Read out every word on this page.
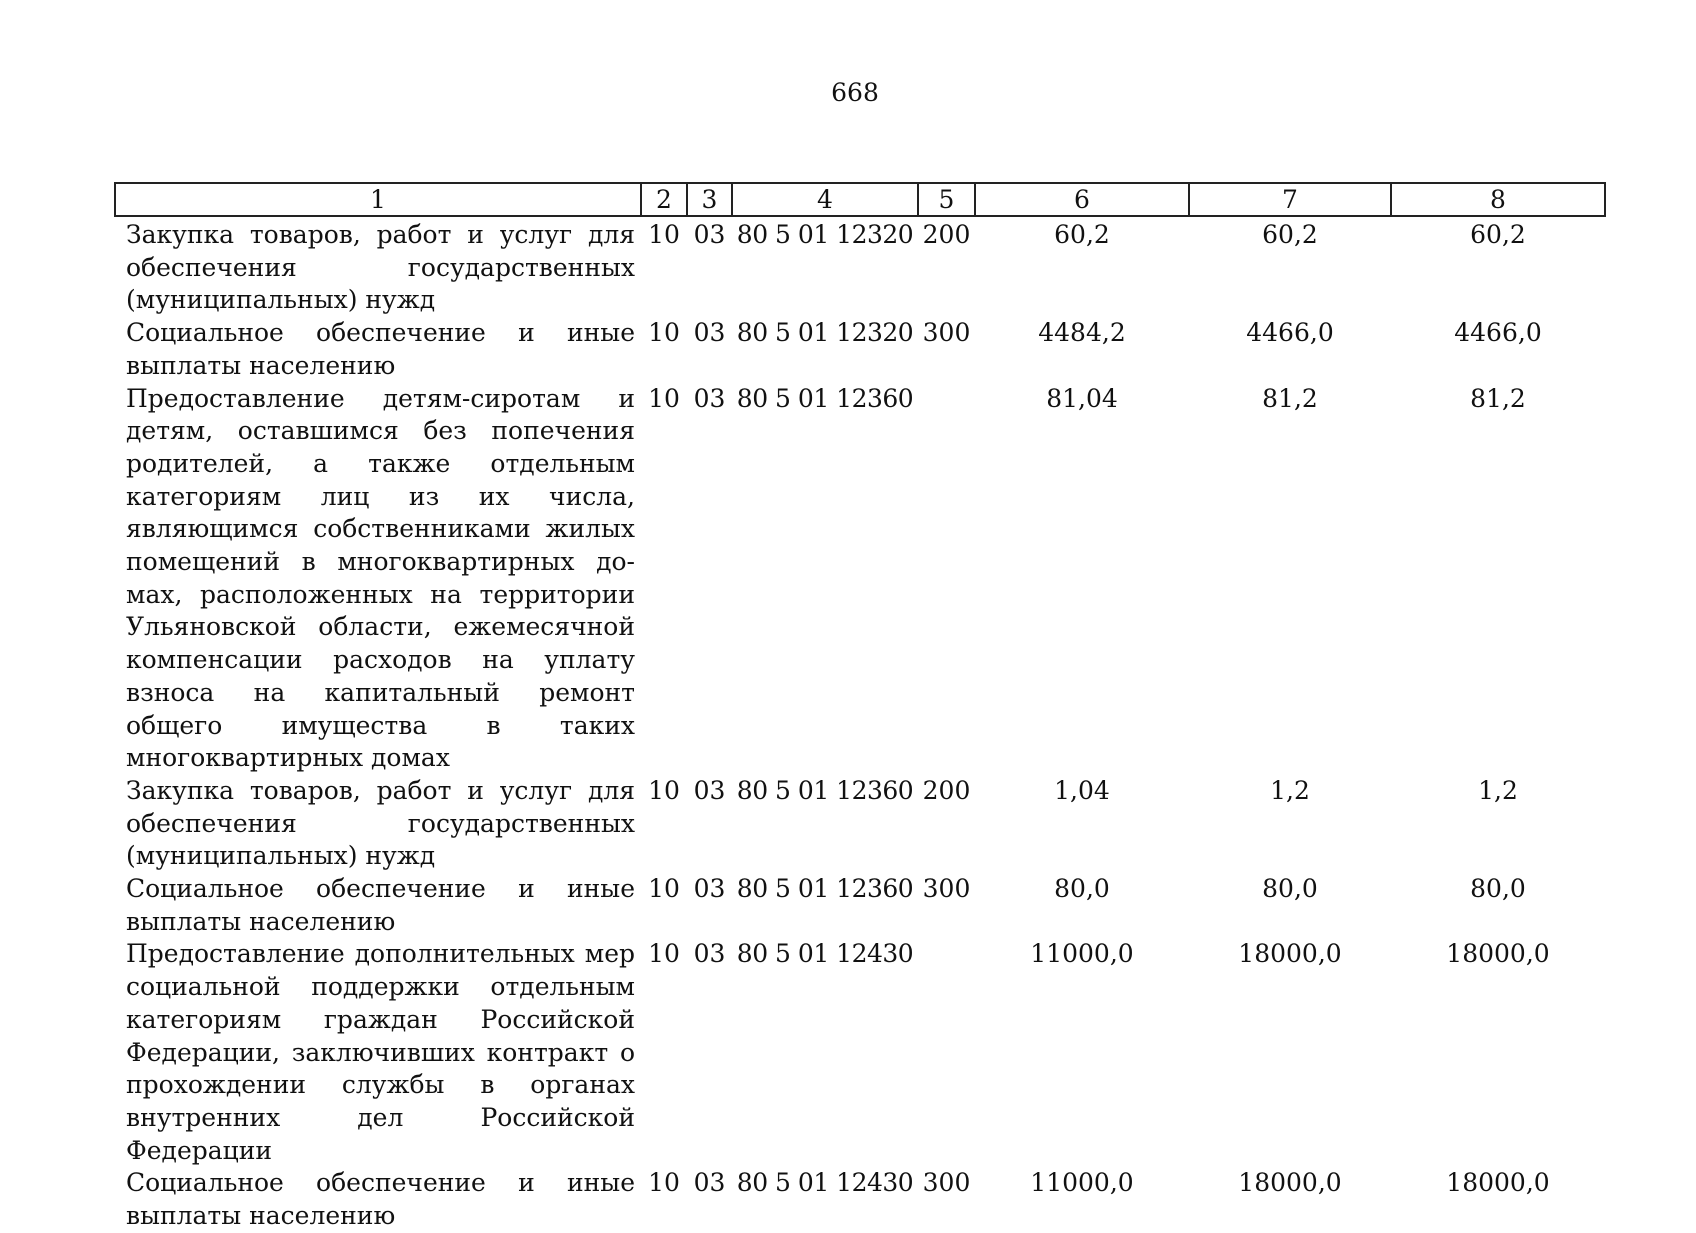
668
1	2	3	4	5	6	7	8
Закупка товаров, работ и услуг для обеспечения государственных (муниципальных) нужд	10	03	80 5 01 12320	200	60,2	60,2	60,2
Социальное обеспечение и иные выплаты населению	10	03	80 5 01 12320	300	4484,2	4466,0	4466,0
Предоставление детям-сиротам и детям, оставшимся без попечения родителей, а также отдельным категориям лиц из их числа, являющимся собственниками жилых помещений в многоквартирных домах, расположенных на территории Ульяновской области, ежемесячной компенсации расходов на уплату взноса на капитальный ремонт общего имущества в таких многоквартирных домах	10	03	80 5 01 12360		81,04	81,2	81,2
Закупка товаров, работ и услуг для обеспечения государственных (муниципальных) нужд	10	03	80 5 01 12360	200	1,04	1,2	1,2
Социальное обеспечение и иные выплаты населению	10	03	80 5 01 12360	300	80,0	80,0	80,0
Предоставление дополнительных мер социальной поддержки отдельным категориям граждан Российской Федерации, заключивших контракт о прохождении службы в органах внутренних дел Российской Федерации	10	03	80 5 01 12430		11000,0	18000,0	18000,0
Социальное обеспечение и иные выплаты населению	10	03	80 5 01 12430	300	11000,0	18000,0	18000,0
